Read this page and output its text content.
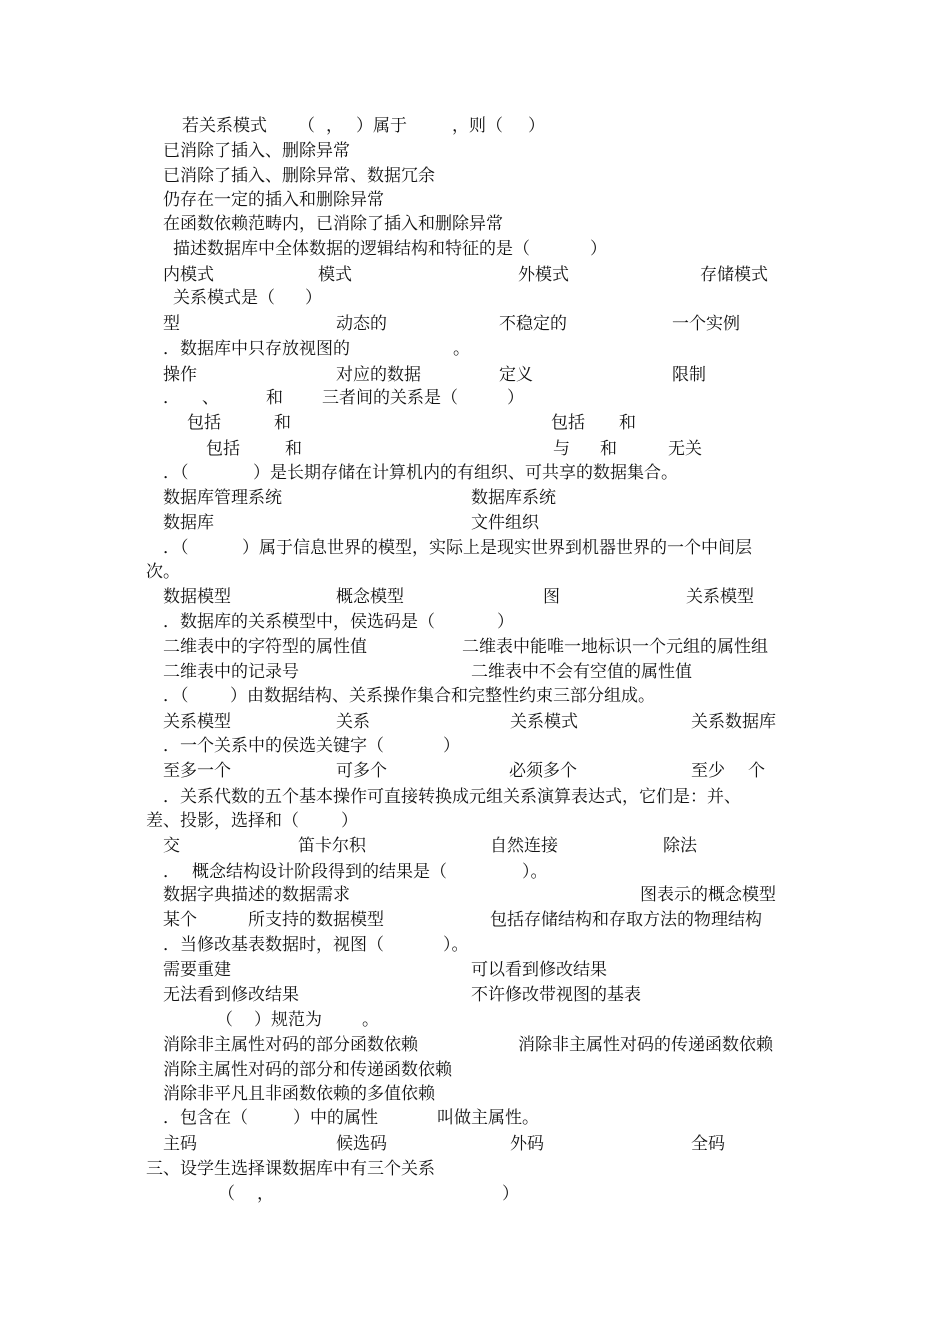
若关系模式 （ ， ）属于	，则（ ）
已消除了插入、删除异常
已消除了插入、删除异常、数据冗余
仍存在一定的插入和删除异常
在函数依赖范畴内，已消除了插入和删除异常
描述数据库中全体数据的逻辑结构和特征的是（	）
内模式	模式	外模式	存储模式
关系模式是（ ）
型	动态的	不稳定的	一个实例
．数据库中只存放视图的	。
操作	对应的数据	定义	限制
． 、	和 三者间的关系是（	）
包括	和	包括 和
包括	和	与 和	无关
．（	）是长期存储在计算机内的有组织、可共享的数据集合。
数据库管理系统	数据库系统
数据库	文件组织
．（	）属于信息世界的模型，实际上是现实世界到机器世界的一个中间层
次。
数据模型	概念模型	图	关系模型
．数据库的关系模型中，侯选码是（	）
二维表中的字符型的属性值	二维表中能唯一地标识一个元组的属性组
二维表中的记录号	二维表中不会有空值的属性值
．（ ）由数据结构、关系操作集合和完整性约束三部分组成。
关系模型	关系	关系模式	关系数据库
．一个关系中的侯选关键字（	）
至多一个	可多个	必须多个	至少 个
．关系代数的五个基本操作可直接转换成元组关系演算表达式，它们是：并、
差、投影，选择和（ ）
交	笛卡尔积	自然连接	除法
． 概念结构设计阶段得到的结果是（	）。
数据字典描述的数据需求	图表示的概念模型
某个	所支持的数据模型	包括存储结构和存取方法的物理结构
．当修改基表数据时，视图（	）。
需要重建	可以看到修改结果
无法看到修改结果	不许修改带视图的基表
（ ）规范为 。
消除非主属性对码的部分函数依赖	消除非主属性对码的传递函数依赖
消除主属性对码的部分和传递函数依赖
消除非平凡且非函数依赖的多值依赖
．包含在（	）中的属性	叫做主属性。
主码	候选码	外码	全码
三、设学生选择课数据库中有三个关系
（ ，	）
